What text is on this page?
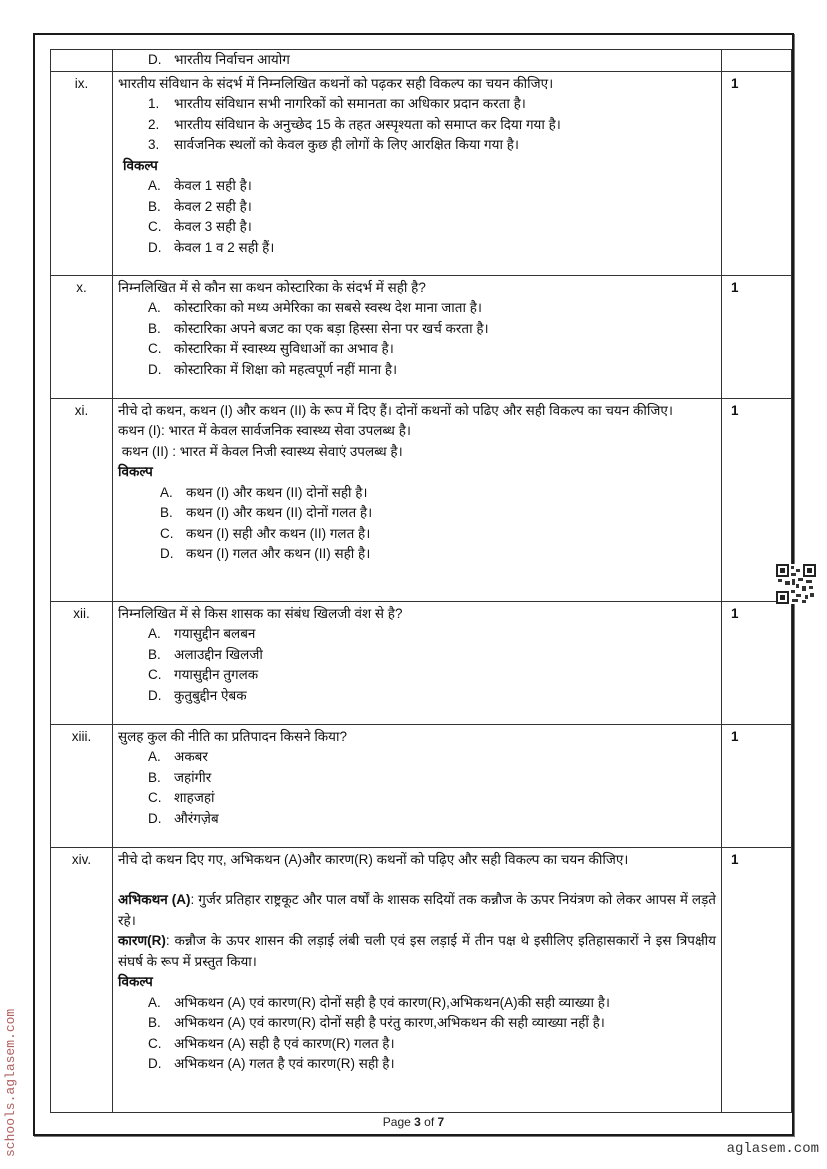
	D. भारतीय निर्वाचन आयोग	

ix.	भारतीय संविधान के संदर्भ में निम्नलिखित कथनों को पढ़कर सही विकल्प का चयन कीजिए।
1. भारतीय संविधान सभी नागरिकों को समानता का अधिकार प्रदान करता है।
2. भारतीय संविधान के अनुच्छेद 15 के तहत अस्पृश्यता को समाप्त कर दिया गया है।
3. सार्वजनिक स्थलों को केवल कुछ ही लोगों के लिए आरक्षित किया गया है।
विकल्प
A. केवल 1 सही है।
B. केवल 2 सही है।
C. केवल 3 सही है।
D. केवल 1 व 2 सही हैं।
	1
x.	निम्नलिखित में से कौन सा कथन कोस्टारिका के संदर्भ में सही है?
A. कोस्टारिका को मध्य अमेरिका का सबसे स्वस्थ देश माना जाता है।
B. कोस्टारिका अपने बजट का एक बड़ा हिस्सा सेना पर खर्च करता है।
C. कोस्टारिका में स्वास्थ्य सुविधाओं का अभाव है।
D. कोस्टारिका में शिक्षा को महत्वपूर्ण नहीं माना है।	1
xi.	नीचे दो कथन, कथन (I) और कथन (II) के रूप में दिए हैं। दोनों कथनों को पढिए और सही विकल्प का चयन कीजिए।
कथन (I): भारत में केवल सार्वजनिक स्वास्थ्य सेवा उपलब्ध है।
कथन (II) : भारत में केवल निजी स्वास्थ्य सेवाएं उपलब्ध है।
विकल्प
A. कथन (I) और कथन (II) दोनों सही है।
B. कथन (I) और कथन (II) दोनों गलत है।
C. कथन (I) सही और कथन (II) गलत है।
D. कथन (I) गलत और कथन (II) सही है।
	1
xii.	निम्नलिखित में से किस शासक का संबंध खिलजी वंश से है?
A. गयासुद्दीन बलबन
B. अलाउद्दीन खिलजी
C. गयासुद्दीन तुगलक
D. कुतुबुद्दीन ऐबक	1
xiii.	सुलह कुल की नीति का प्रतिपादन किसने किया?
A. अकबर
B. जहांगीर
C. शाहजहां
D. औरंगज़ेब	1
xiv.	नीचे दो कथन दिए गए, अभिकथन (A)और कारण(R) कथनों को पढ़िए और सही विकल्प का चयन कीजिए।
अभिकथन (A): गुर्जर प्रतिहार राष्ट्रकूट और पाल वर्षों के शासक सदियों तक कन्नौज के ऊपर नियंत्रण को लेकर आपस में लड़ते रहे।
कारण(R): कन्नौज के ऊपर शासन की लड़ाई लंबी चली एवं इस लड़ाई में तीन पक्ष थे इसीलिए इतिहासकारों ने इस त्रिपक्षीय संघर्ष के रूप में प्रस्तुत किया।
विकल्प
A. अभिकथन (A) एवं कारण(R) दोनों सही है एवं कारण(R),अभिकथन(A)की सही व्याख्या है।
B. अभिकथन (A) एवं कारण(R) दोनों सही है परंतु कारण,अभिकथन की सही व्याख्या नहीं है।
C. अभिकथन (A) सही है एवं कारण(R) गलत है।
D. अभिकथन (A) गलत है एवं कारण(R) सही है।
	1
Page 3 of 7
schools.aglasem.com	aglasem.com
